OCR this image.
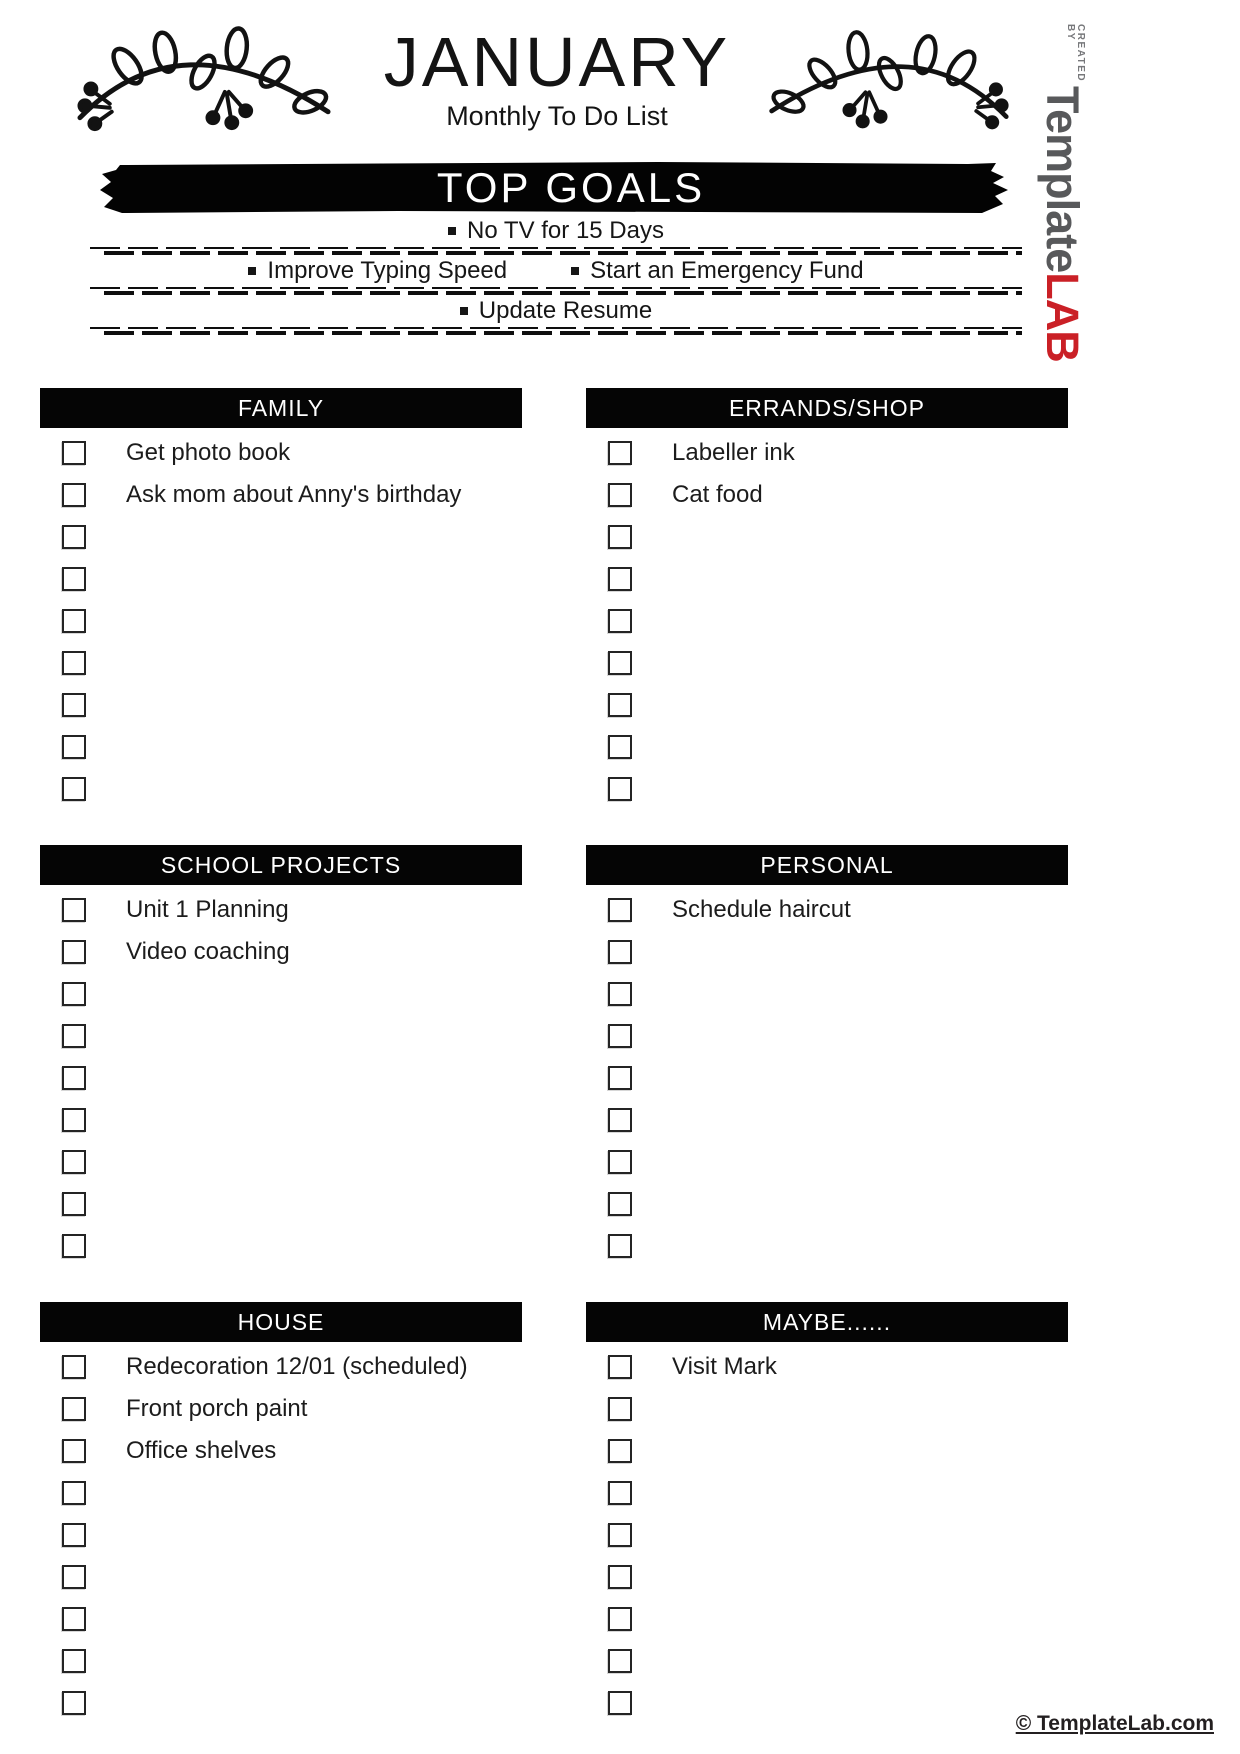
JANUARY
Monthly To Do List
CREATED BY
TemplateLAB
TOP GOALS
No TV for 15 Days
Improve Typing Speed	Start an Emergency Fund
Update Resume
FAMILY
Get photo book
Ask mom about Anny's birthday
ERRANDS/SHOP
Labeller ink
Cat food
SCHOOL PROJECTS
Unit 1 Planning
Video coaching
PERSONAL
Schedule haircut
HOUSE
Redecoration 12/01 (scheduled)
Front porch paint
Office shelves
MAYBE......
Visit Mark
© TemplateLab.com
